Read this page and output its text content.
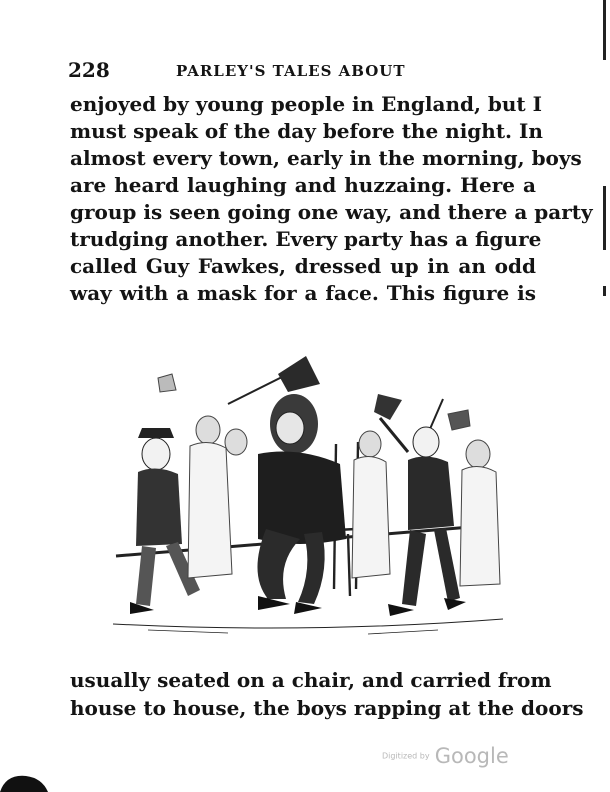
228	PARLEY'S TALES ABOUT
enjoyed by young people in England, but I
must speak of the day before the night. In
almost every town, early in the morning, boys
are heard laughing and huzzaing. Here a
group is seen going one way, and there a party
trudging another. Every party has a figure
called Guy Fawkes, dressed up in an odd
way with a mask for a face. This figure is
usually seated on a chair, and carried from
house to house, the boys rapping at the doors
Digitized by Google
